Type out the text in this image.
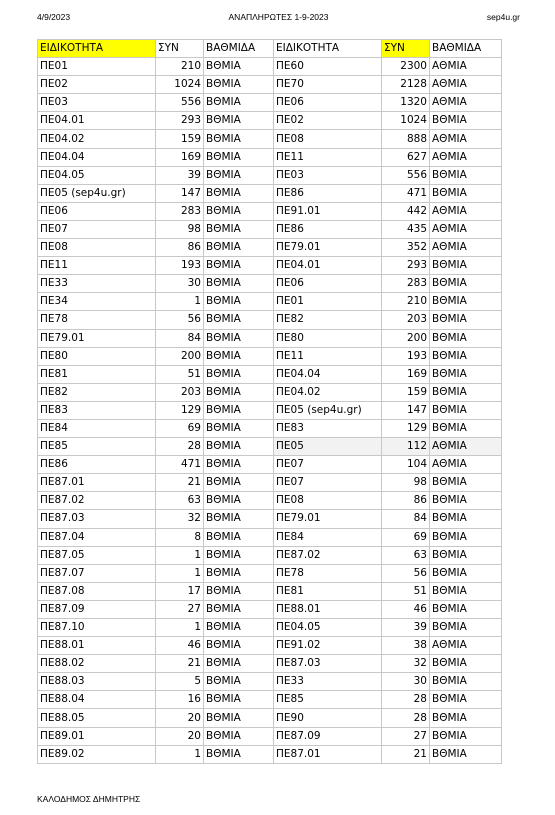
4/9/2023	ΑΝΑΠΛΗΡΩΤΕΣ 1-9-2023	sep4u.gr
ΕΙΔΙΚΟΤΗΤΑ	ΣΥΝ	ΒΑΘΜΙΔΑ	ΕΙΔΙΚΟΤΗΤΑ	ΣΥΝ	ΒΑΘΜΙΔΑ
ΠΕ01	210	ΒΘΜΙΑ	ΠΕ60	2300	ΑΘΜΙΑ
ΠΕ02	1024	ΒΘΜΙΑ	ΠΕ70	2128	ΑΘΜΙΑ
ΠΕ03	556	ΒΘΜΙΑ	ΠΕ06	1320	ΑΘΜΙΑ
ΠΕ04.01	293	ΒΘΜΙΑ	ΠΕ02	1024	ΒΘΜΙΑ
ΠΕ04.02	159	ΒΘΜΙΑ	ΠΕ08	888	ΑΘΜΙΑ
ΠΕ04.04	169	ΒΘΜΙΑ	ΠΕ11	627	ΑΘΜΙΑ
ΠΕ04.05	39	ΒΘΜΙΑ	ΠΕ03	556	ΒΘΜΙΑ
ΠΕ05 (sep4u.gr)	147	ΒΘΜΙΑ	ΠΕ86	471	ΒΘΜΙΑ
ΠΕ06	283	ΒΘΜΙΑ	ΠΕ91.01	442	ΑΘΜΙΑ
ΠΕ07	98	ΒΘΜΙΑ	ΠΕ86	435	ΑΘΜΙΑ
ΠΕ08	86	ΒΘΜΙΑ	ΠΕ79.01	352	ΑΘΜΙΑ
ΠΕ11	193	ΒΘΜΙΑ	ΠΕ04.01	293	ΒΘΜΙΑ
ΠΕ33	30	ΒΘΜΙΑ	ΠΕ06	283	ΒΘΜΙΑ
ΠΕ34	1	ΒΘΜΙΑ	ΠΕ01	210	ΒΘΜΙΑ
ΠΕ78	56	ΒΘΜΙΑ	ΠΕ82	203	ΒΘΜΙΑ
ΠΕ79.01	84	ΒΘΜΙΑ	ΠΕ80	200	ΒΘΜΙΑ
ΠΕ80	200	ΒΘΜΙΑ	ΠΕ11	193	ΒΘΜΙΑ
ΠΕ81	51	ΒΘΜΙΑ	ΠΕ04.04	169	ΒΘΜΙΑ
ΠΕ82	203	ΒΘΜΙΑ	ΠΕ04.02	159	ΒΘΜΙΑ
ΠΕ83	129	ΒΘΜΙΑ	ΠΕ05 (sep4u.gr)	147	ΒΘΜΙΑ
ΠΕ84	69	ΒΘΜΙΑ	ΠΕ83	129	ΒΘΜΙΑ
ΠΕ85	28	ΒΘΜΙΑ	ΠΕ05	112	ΑΘΜΙΑ
ΠΕ86	471	ΒΘΜΙΑ	ΠΕ07	104	ΑΘΜΙΑ
ΠΕ87.01	21	ΒΘΜΙΑ	ΠΕ07	98	ΒΘΜΙΑ
ΠΕ87.02	63	ΒΘΜΙΑ	ΠΕ08	86	ΒΘΜΙΑ
ΠΕ87.03	32	ΒΘΜΙΑ	ΠΕ79.01	84	ΒΘΜΙΑ
ΠΕ87.04	8	ΒΘΜΙΑ	ΠΕ84	69	ΒΘΜΙΑ
ΠΕ87.05	1	ΒΘΜΙΑ	ΠΕ87.02	63	ΒΘΜΙΑ
ΠΕ87.07	1	ΒΘΜΙΑ	ΠΕ78	56	ΒΘΜΙΑ
ΠΕ87.08	17	ΒΘΜΙΑ	ΠΕ81	51	ΒΘΜΙΑ
ΠΕ87.09	27	ΒΘΜΙΑ	ΠΕ88.01	46	ΒΘΜΙΑ
ΠΕ87.10	1	ΒΘΜΙΑ	ΠΕ04.05	39	ΒΘΜΙΑ
ΠΕ88.01	46	ΒΘΜΙΑ	ΠΕ91.02	38	ΑΘΜΙΑ
ΠΕ88.02	21	ΒΘΜΙΑ	ΠΕ87.03	32	ΒΘΜΙΑ
ΠΕ88.03	5	ΒΘΜΙΑ	ΠΕ33	30	ΒΘΜΙΑ
ΠΕ88.04	16	ΒΘΜΙΑ	ΠΕ85	28	ΒΘΜΙΑ
ΠΕ88.05	20	ΒΘΜΙΑ	ΠΕ90	28	ΒΘΜΙΑ
ΠΕ89.01	20	ΒΘΜΙΑ	ΠΕ87.09	27	ΒΘΜΙΑ
ΠΕ89.02	1	ΒΘΜΙΑ	ΠΕ87.01	21	ΒΘΜΙΑ
ΚΑΛΟΔΗΜΟΣ ΔΗΜΗΤΡΗΣ
